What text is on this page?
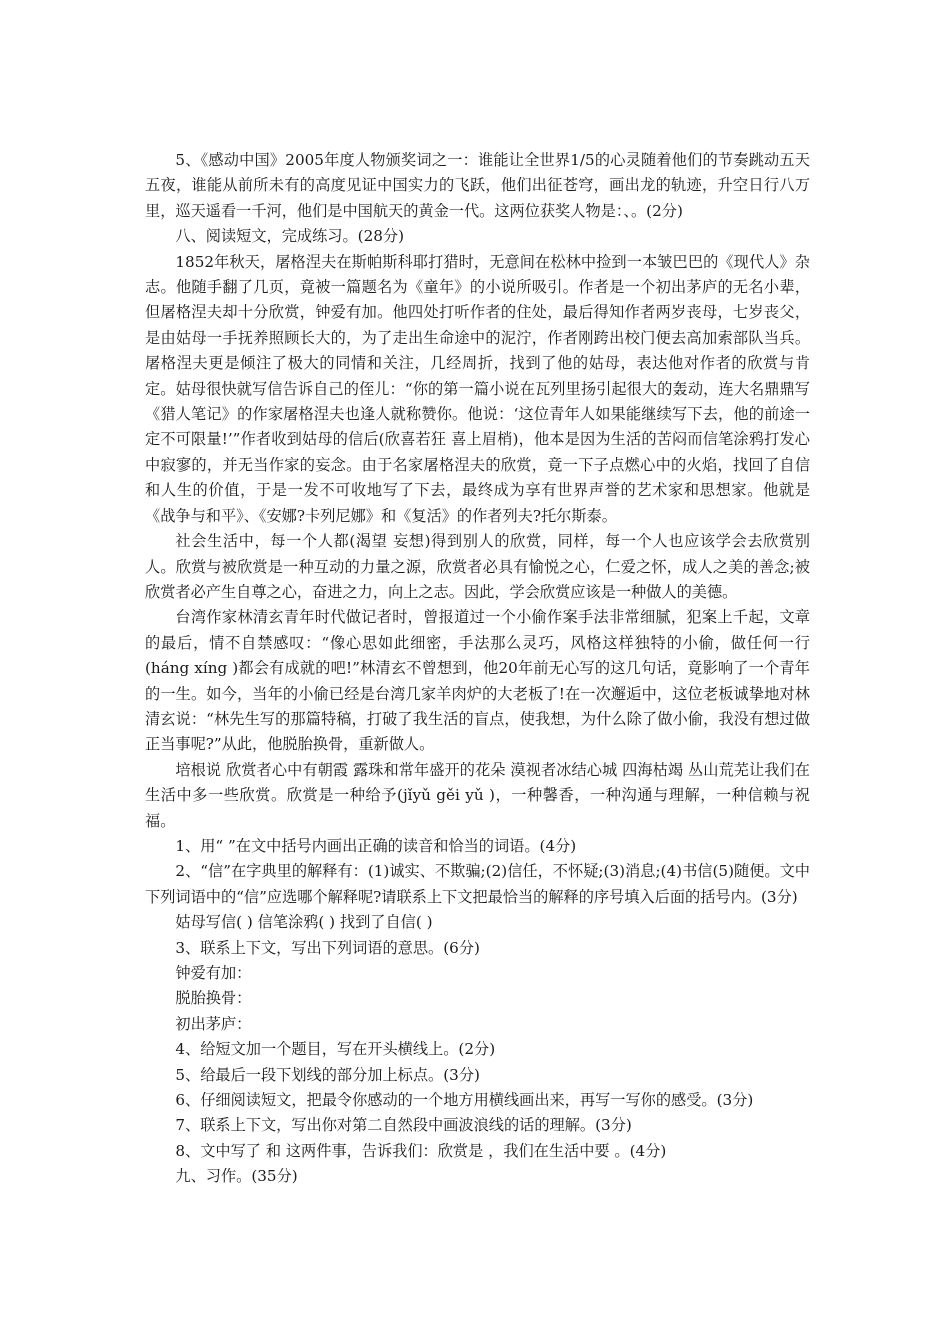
5、《感动中国》2005年度人物颁奖词之一：谁能让全世界1/5的心灵随着他们的节奏跳动五天五夜，谁能从前所未有的高度见证中国实力的飞跃，他们出征苍穹，画出龙的轨迹，升空日行八万里，巡天遥看一千河，他们是中国航天的黄金一代。这两位获奖人物是：、。(2分)

八、阅读短文，完成练习。(28分)

1852年秋天，屠格涅夫在斯帕斯科耶打猎时，无意间在松林中捡到一本皱巴巴的《现代人》杂志。他随手翻了几页，竟被一篇题名为《童年》的小说所吸引。作者是一个初出茅庐的无名小辈，但屠格涅夫却十分欣赏，钟爱有加。他四处打听作者的住处，最后得知作者两岁丧母，七岁丧父，是由姑母一手抚养照顾长大的，为了走出生命途中的泥泞，作者刚跨出校门便去高加索部队当兵。屠格涅夫更是倾注了极大的同情和关注，几经周折，找到了他的姑母，表达他对作者的欣赏与肯定。姑母很快就写信告诉自己的侄儿：“你的第一篇小说在瓦列里扬引起很大的轰动，连大名鼎鼎写《猎人笔记》的作家屠格涅夫也逢人就称赞你。他说：‘这位青年人如果能继续写下去，他的前途一定不可限量!’”作者收到姑母的信后(欣喜若狂 喜上眉梢)，他本是因为生活的苦闷而信笔涂鸦打发心中寂寥的，并无当作家的妄念。由于名家屠格涅夫的欣赏，竟一下子点燃心中的火焰，找回了自信和人生的价值，于是一发不可收地写了下去，最终成为享有世界声誉的艺术家和思想家。他就是《战争与和平》、《安娜?卡列尼娜》和《复活》的作者列夫?托尔斯泰。

社会生活中，每一个人都(渴望 妄想)得到别人的欣赏，同样，每一个人也应该学会去欣赏别人。欣赏与被欣赏是一种互动的力量之源，欣赏者必具有愉悦之心，仁爱之怀，成人之美的善念;被欣赏者必产生自尊之心，奋进之力，向上之志。因此，学会欣赏应该是一种做人的美德。

台湾作家林清玄青年时代做记者时，曾报道过一个小偷作案手法非常细腻，犯案上千起，文章的最后，情不自禁感叹：“像心思如此细密，手法那么灵巧，风格这样独特的小偷，做任何一行(háng xíng )都会有成就的吧!”林清玄不曾想到，他20年前无心写的这几句话，竟影响了一个青年的一生。如今，当年的小偷已经是台湾几家羊肉炉的大老板了!在一次邂逅中，这位老板诚挚地对林清玄说：“林先生写的那篇特稿，打破了我生活的盲点，使我想，为什么除了做小偷，我没有想过做正当事呢?”从此，他脱胎换骨，重新做人。

培根说 欣赏者心中有朝霞 露珠和常年盛开的花朵 漠视者冰结心城 四海枯竭 丛山荒芜让我们在生活中多一些欣赏。欣赏是一种给予(jǐyǔ gěi yǔ )，一种馨香，一种沟通与理解，一种信赖与祝福。

1、用“ ”在文中括号内画出正确的读音和恰当的词语。(4分)

2、“信”在字典里的解释有：(1)诚实、不欺骗;(2)信任，不怀疑;(3)消息;(4)书信(5)随便。文中下列词语中的“信”应选哪个解释呢?请联系上下文把最恰当的解释的序号填入后面的括号内。(3分)

姑母写信( ) 信笔涂鸦( ) 找到了自信( )

3、联系上下文，写出下列词语的意思。(6分)

钟爱有加：

脱胎换骨：

初出茅庐：

4、给短文加一个题目，写在开头横线上。(2分)

5、给最后一段下划线的部分加上标点。(3分)

6、仔细阅读短文，把最令你感动的一个地方用横线画出来，再写一写你的感受。(3分)

7、联系上下文，写出你对第二自然段中画波浪线的话的理解。(3分)

8、文中写了 和 这两件事，告诉我们：欣赏是 ，我们在生活中要 。(4分)

九、习作。(35分)
